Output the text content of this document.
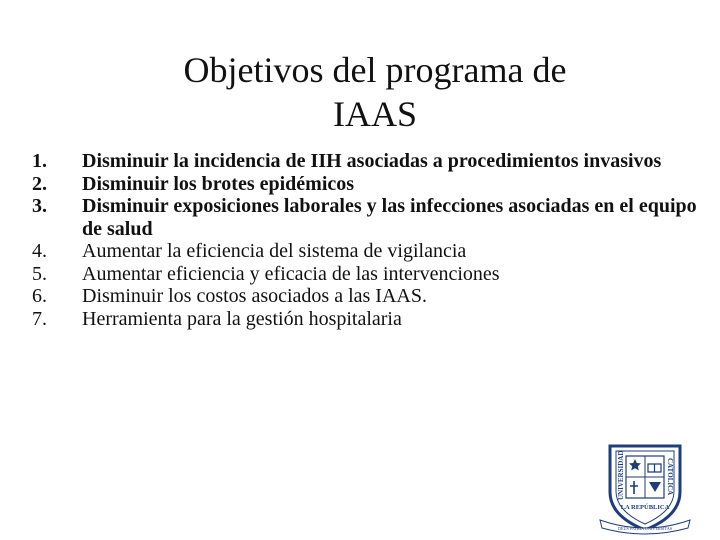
Objetivos del programa de
IAAS
1.	Disminuir la incidencia de IIH asociadas a procedimientos invasivos
2.	Disminuir los brotes epidémicos
3.	Disminuir exposiciones laborales y las infecciones asociadas en el equipo de salud
4.	Aumentar la eficiencia del sistema de vigilancia
5.	Aumentar eficiencia y eficacia de las intervenciones
6.	Disminuir los costos asociados a las IAAS.
7.	Herramienta para la gestión hospitalaria
UNIVERSIDAD	CATÓLICA
LA REPÚBLICA
DEUS PATRIA UNIVERSITAS
